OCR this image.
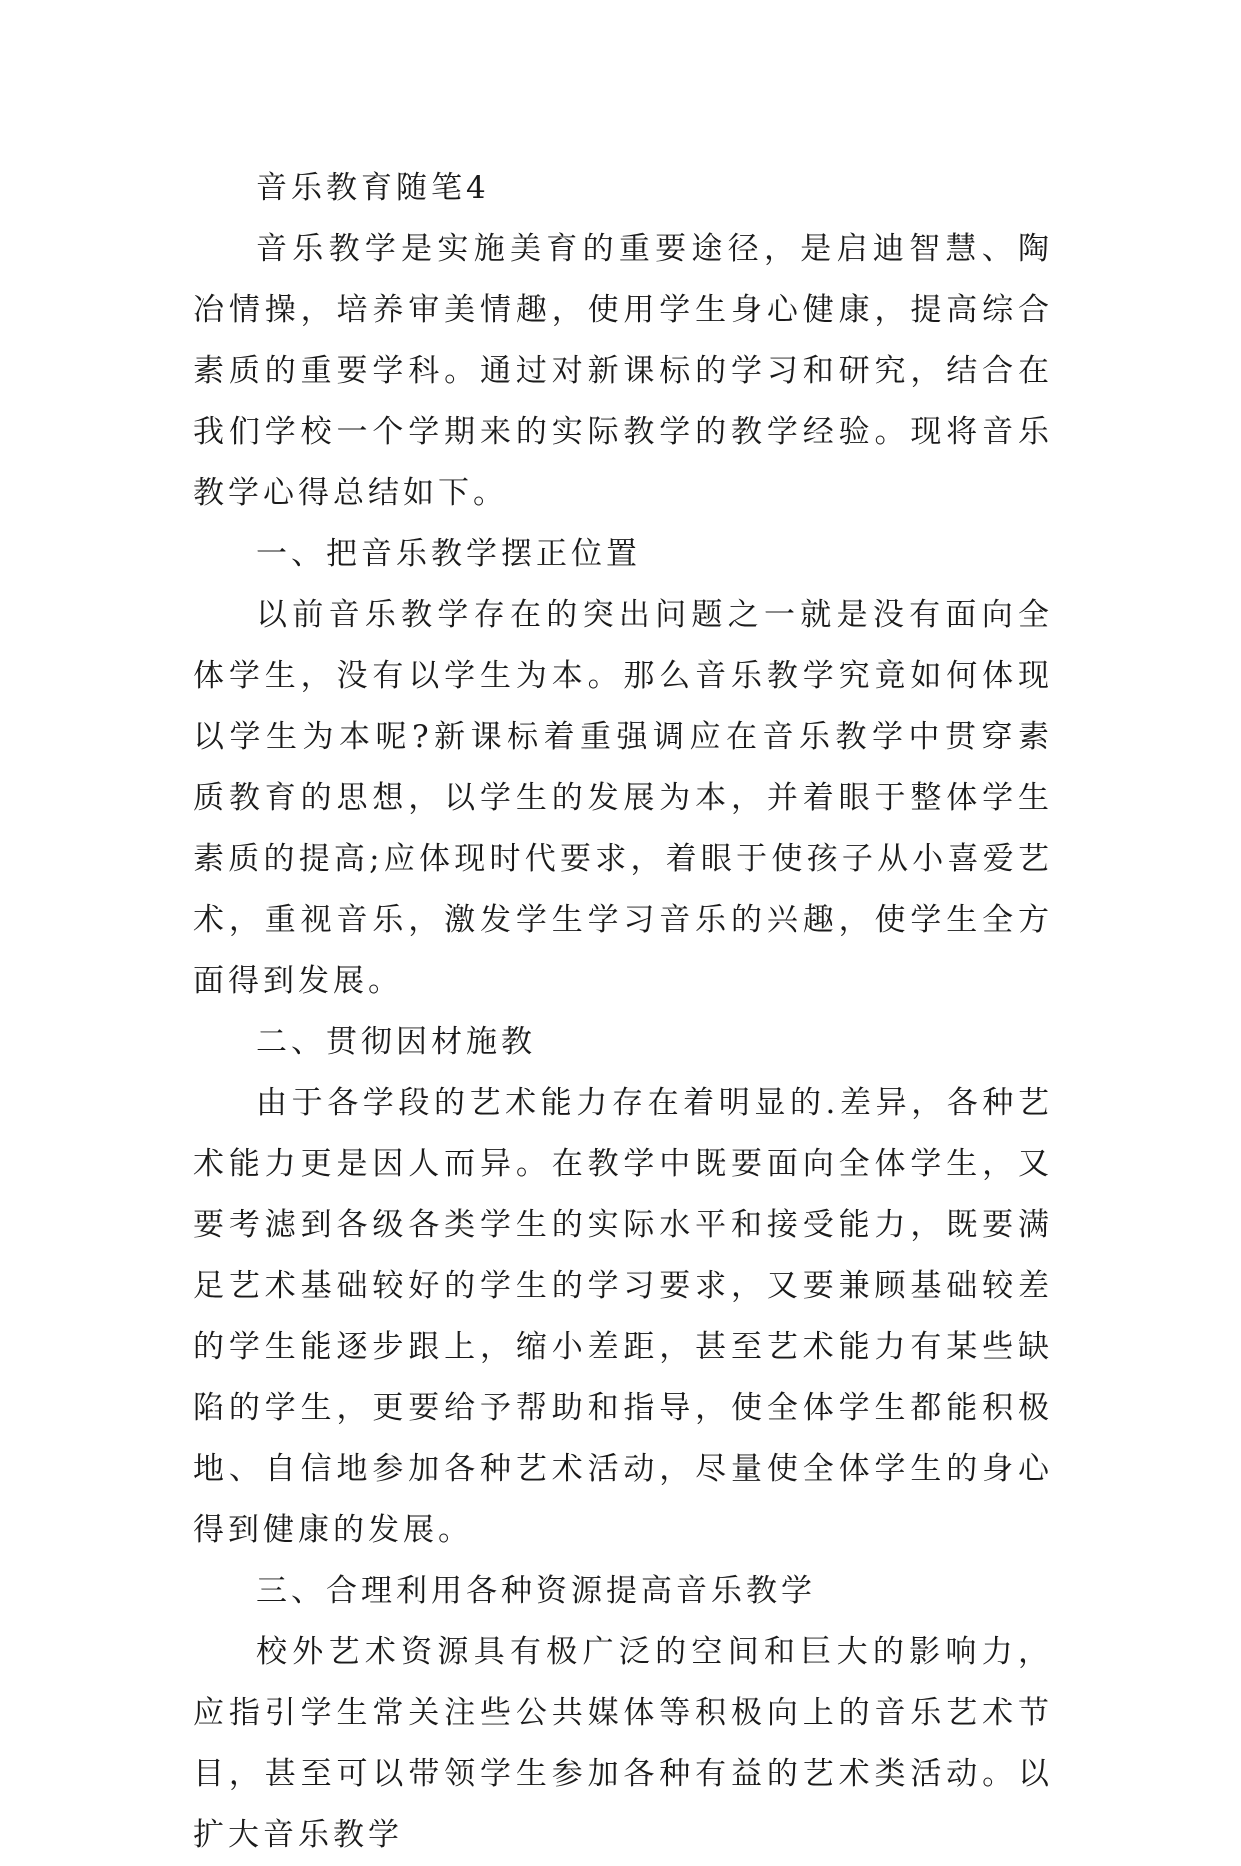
音乐教育随笔4

音乐教学是实施美育的重要途径，是启迪智慧、陶冶情操，培养审美情趣，使用学生身心健康，提高综合素质的重要学科。通过对新课标的学习和研究，结合在我们学校一个学期来的实际教学的教学经验。现将音乐教学心得总结如下。

一、把音乐教学摆正位置

以前音乐教学存在的突出问题之一就是没有面向全体学生，没有以学生为本。那么音乐教学究竟如何体现以学生为本呢?新课标着重强调应在音乐教学中贯穿素质教育的思想，以学生的发展为本，并着眼于整体学生素质的提高;应体现时代要求，着眼于使孩子从小喜爱艺术，重视音乐，激发学生学习音乐的兴趣，使学生全方面得到发展。

二、贯彻因材施教

由于各学段的艺术能力存在着明显的.差异，各种艺术能力更是因人而异。在教学中既要面向全体学生，又要考滤到各级各类学生的实际水平和接受能力，既要满足艺术基础较好的学生的学习要求，又要兼顾基础较差的学生能逐步跟上，缩小差距，甚至艺术能力有某些缺陷的学生，更要给予帮助和指导，使全体学生都能积极地、自信地参加各种艺术活动，尽量使全体学生的身心得到健康的发展。

三、合理利用各种资源提高音乐教学

校外艺术资源具有极广泛的空间和巨大的影响力，应指引学生常关注些公共媒体等积极向上的音乐艺术节目，甚至可以带领学生参加各种有益的艺术类活动。以扩大音乐教学
